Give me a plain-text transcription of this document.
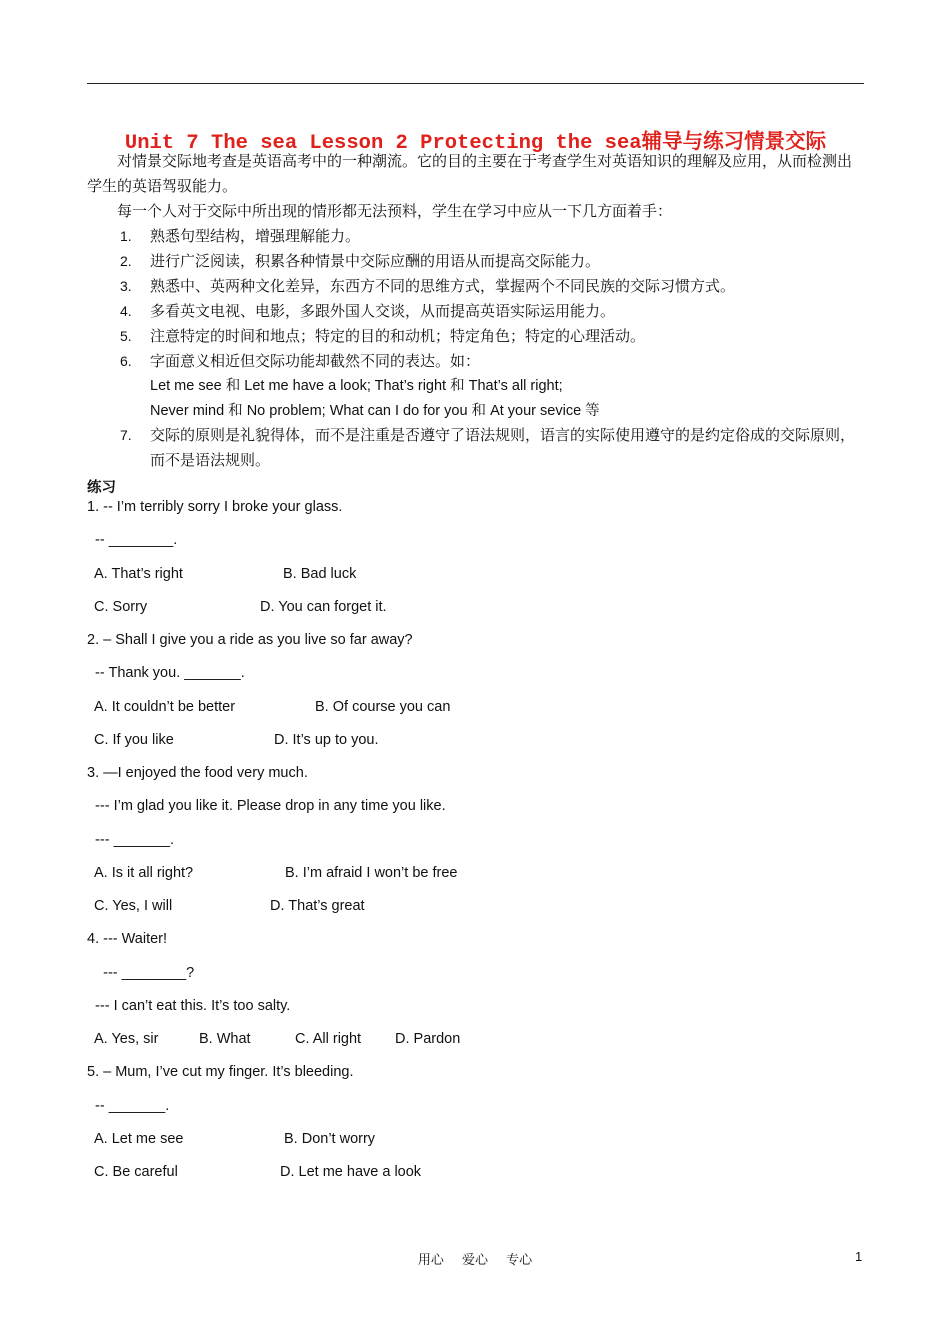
Unit 7 The sea Lesson 2 Protecting the sea辅导与练习情景交际
对情景交际地考查是英语高考中的一种潮流。它的目的主要在于考查学生对英语知识的理解及应用，从而检测出学生的英语驾驭能力。
每一个人对于交际中所出现的情形都无法预料，学生在学习中应从一下几方面着手：
1. 熟悉句型结构，增强理解能力。
2. 进行广泛阅读，积累各种情景中交际应酬的用语从而提高交际能力。
3. 熟悉中、英两种文化差异，东西方不同的思维方式，掌握两个不同民族的交际习惯方式。
4. 多看英文电视、电影，多跟外国人交谈，从而提高英语实际运用能力。
5. 注意特定的时间和地点；特定的目的和动机；特定角色；特定的心理活动。
6. 字面意义相近但交际功能却截然不同的表达。如：
Let me see 和 Let me have a look; That’s right 和 That’s all right;
Never mind 和 No problem; What can I do for you 和 At your sevice 等
7. 交际的原则是礼貌得体，而不是注重是否遵守了语法规则，语言的实际使用遵守的是约定俗成的交际原则，而不是语法规则。
练习
1. -- I’m terribly sorry I broke your glass.
-- ________.
A. That’s right	B. Bad luck
C. Sorry	D. You can forget it.
2. – Shall I give you a ride as you live so far away?
-- Thank you. _______.
A. It couldn’t be better	B. Of course you can
C. If you like	D. It’s up to you.
3. —I enjoyed the food very much.
--- I’m glad you like it. Please drop in any time you like.
--- _______.
A. Is it all right?	B. I’m afraid I won’t be free
C. Yes, I will	D. That’s great
4. --- Waiter!
--- ________?
--- I can’t eat this. It’s too salty.
A. Yes, sir	B. What	C. All right D. Pardon
5. – Mum, I’ve cut my finger. It’s bleeding.
-- _______.
A. Let me see	B. Don’t worry
C. Be careful	D. Let me have a look
用心 爱心 专心	1
